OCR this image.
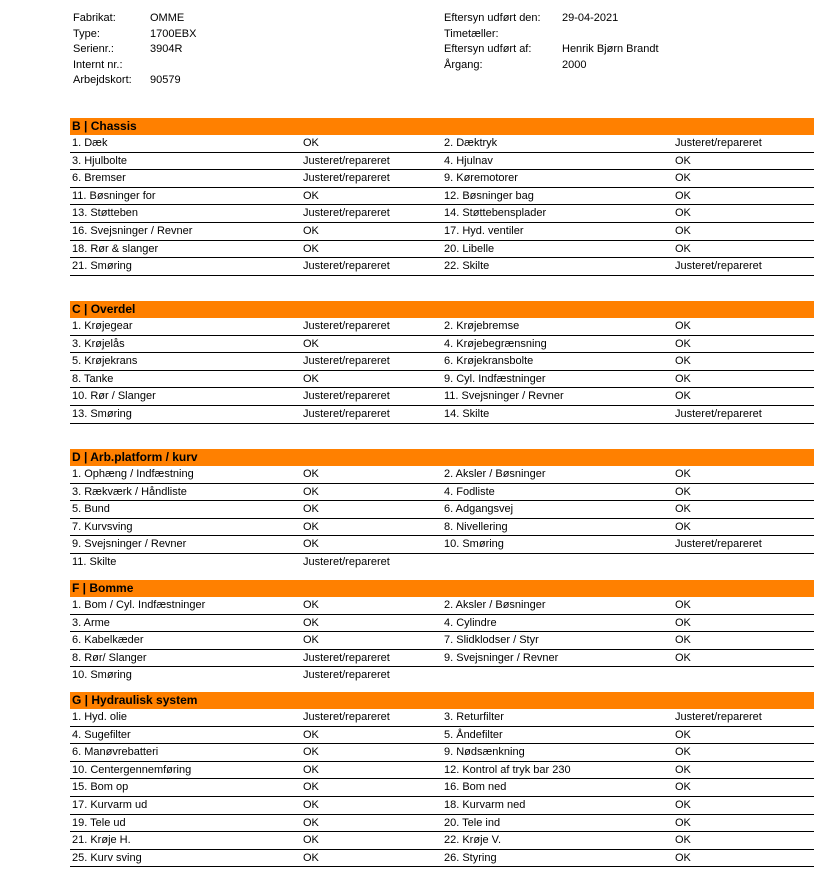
Fabrikat:	OMME
Type:	1700EBX
Serienr.:	3904R
Internt nr.:
Arbejdskort:	90579
Eftersyn udført den:	29-04-2021
Timetæller:
Eftersyn udført af:	Henrik Bjørn Brandt
Årgang:	2000
B | Chassis
1. Dæk	OK	2. Dæktryk	Justeret/repareret
3. Hjulbolte	Justeret/repareret	4. Hjulnav	OK
6. Bremser	Justeret/repareret	9. Køremotorer	OK
11. Bøsninger for	OK	12. Bøsninger bag	OK
13. Støtteben	Justeret/repareret	14. Støttebensplader	OK
16. Svejsninger / Revner	OK	17. Hyd. ventiler	OK
18. Rør & slanger	OK	20. Libelle	OK
21. Smøring	Justeret/repareret	22. Skilte	Justeret/repareret
C | Overdel
1. Krøjegear	Justeret/repareret	2. Krøjebremse	OK
3. Krøjelås	OK	4. Krøjebegrænsning	OK
5. Krøjekrans	Justeret/repareret	6. Krøjekransbolte	OK
8. Tanke	OK	9. Cyl. Indfæstninger	OK
10. Rør / Slanger	Justeret/repareret	11. Svejsninger / Revner	OK
13. Smøring	Justeret/repareret	14. Skilte	Justeret/repareret
D | Arb.platform / kurv
1. Ophæng / Indfæstning	OK	2. Aksler / Bøsninger	OK
3. Rækværk / Håndliste	OK	4. Fodliste	OK
5. Bund	OK	6. Adgangsvej	OK
7. Kurvsving	OK	8. Nivellering	OK
9. Svejsninger / Revner	OK	10. Smøring	Justeret/repareret
11. Skilte	Justeret/repareret
F | Bomme
1. Bom / Cyl. Indfæstninger	OK	2. Aksler / Bøsninger	OK
3. Arme	OK	4. Cylindre	OK
6. Kabelkæder	OK	7. Slidklodser / Styr	OK
8. Rør/ Slanger	Justeret/repareret	9. Svejsninger / Revner	OK
10. Smøring	Justeret/repareret
G | Hydraulisk system
1. Hyd. olie	Justeret/repareret	3. Returfilter	Justeret/repareret
4. Sugefilter	OK	5. Åndefilter	OK
6. Manøvrebatteri	OK	9. Nødsænkning	OK
10. Centergennemføring	OK	12. Kontrol af tryk bar 230	OK
15. Bom op	OK	16. Bom ned	OK
17. Kurvarm ud	OK	18. Kurvarm ned	OK
19. Tele ud	OK	20. Tele ind	OK
21. Krøje H.	OK	22. Krøje V.	OK
25. Kurv sving	OK	26. Styring	OK
